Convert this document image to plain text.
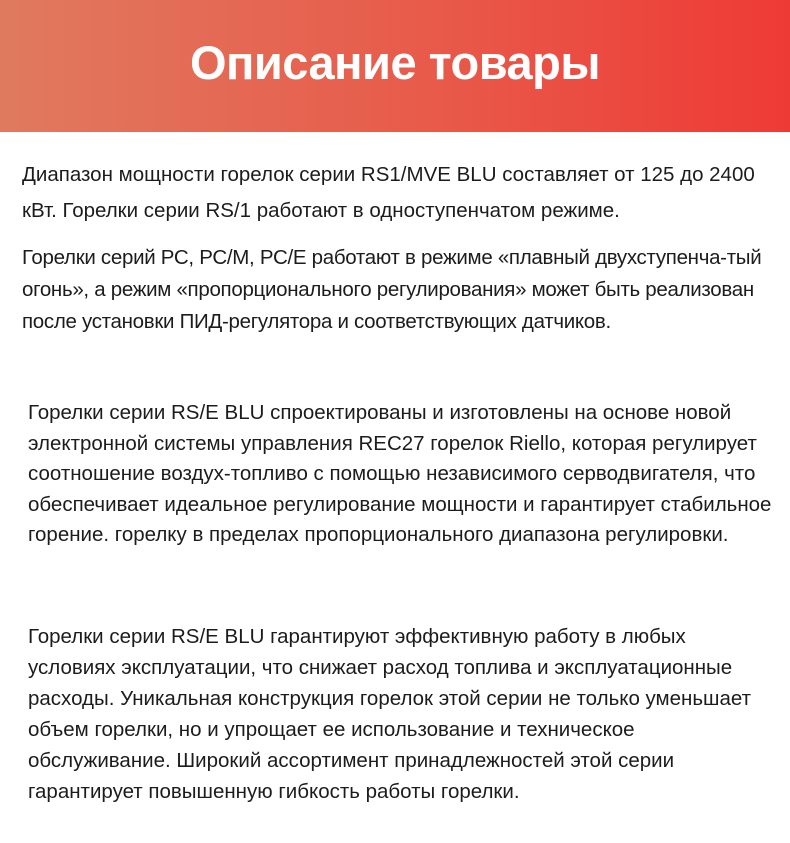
Описание товары

Диапазон мощности горелок серии RS1/MVE BLU составляет от 125 до 2400 кВт. Горелки серии RS/1 работают в одноступенчатом режиме.

Горелки серий РС, РС/М, РС/Е работают в режиме «плавный двухступенча-тый огонь», а режим «пропорционального регулирования» может быть реализован после установки ПИД-регулятора и соответствующих датчиков.

Горелки серии RS/E BLU спроектированы и изготовлены на основе новой электронной системы управления REC27 горелок Riello, которая регулирует соотношение воздух-топливо с помощью независимого серводвигателя, что обеспечивает идеальное регулирование мощности и гарантирует стабильное горение. горелку в пределах пропорционального диапазона регулировки.

Горелки серии RS/E BLU гарантируют эффективную работу в любых условиях эксплуатации, что снижает расход топлива и эксплуатационные расходы. Уникальная конструкция горелок этой серии не только уменьшает объем горелки, но и упрощает ее использование и техническое обслуживание. Широкий ассортимент принадлежностей этой серии гарантирует повышенную гибкость работы горелки.
